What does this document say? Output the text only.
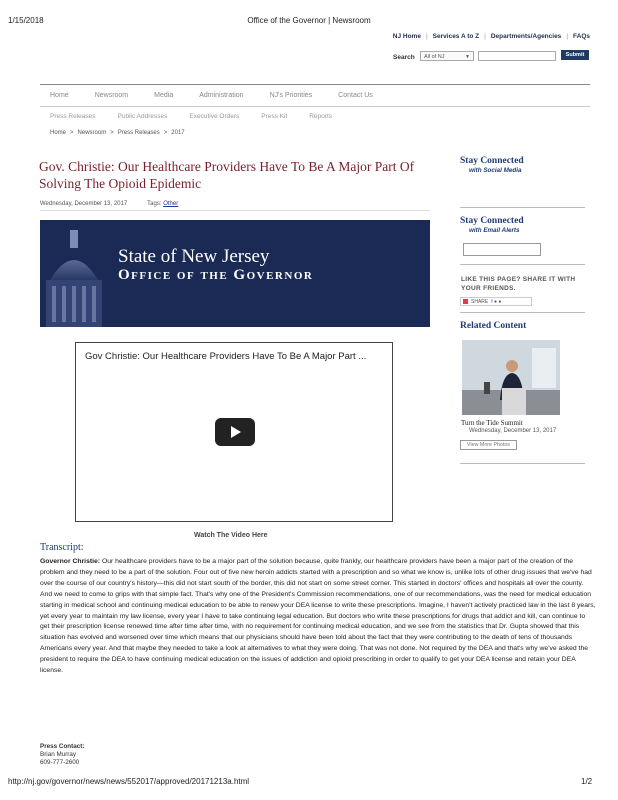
1/15/2018	Office of the Governor | Newsroom
NJ Home | Services A to Z | Departments/Agencies | FAQs
Search	All of NJ	▼	Submit
Home	Newsroom	Media	Administration	NJ's Priorities	Contact Us
Press Releases	Public Addresses	Executive Orders	Press Kit	Reports
Home > Newsroom > Press Releases > 2017
Gov. Christie: Our Healthcare Providers Have To Be A Major Part Of Solving The Opioid Epidemic
Wednesday, December 13, 2017	Tags: Other
State of New Jersey
Office of the Governor
Gov Christie: Our Healthcare Providers Have To Be A Major Part ...
Watch The Video Here
Transcript:
Governor Christie: Our healthcare providers have to be a major part of the solution because, quite frankly, our healthcare providers have been a major part of the creation of the problem and they need to be a part of the solution. Four out of five new heroin addicts started with a prescription and so what we know is, unlike lots of other drug issues that we've had over the course of our country's history—this did not start south of the border, this did not start on some street corner. This started in doctors' offices and hospitals all over the county. And we need to come to grips with that simple fact. That's why one of the President's Commission recommendations, one of our recommendations, was the need for medical education starting in medical school and continuing medical education to be able to renew your DEA license to write these prescriptions. Imagine, I haven't actively practiced law in the last 8 years, yet every year to maintain my law license, every year I have to take continuing legal education. But doctors who write these prescriptions for drugs that addict and kill, can continue to get their prescription license renewed time after time after time, with no requirement for continuing medical education, and we see from the statistics that Dr. Gupta showed that this situation has evolved and worsened over time which means that our physicians should have been told about the fact that they were contributing to the death of tens of thousands Americans every year. And that maybe they needed to take a look at alternatives to what they were doing. That was not done. Not required by the DEA and that's why we've asked the president to require the DEA to have continuing medical education on the issues of addiction and opioid prescribing in order to qualify to get your DEA license and retain your DEA license.
Press Contact:
Brian Murray
609-777-2600
Stay Connected
with Social Media
Stay Connected
with Email Alerts
LIKE THIS PAGE? SHARE IT WITH YOUR FRIENDS.
SHARE f ● ●
Related Content
Turn the Tide Summit
Wednesday, December 13, 2017
View More Photos
http://nj.gov/governor/news/news/552017/approved/20171213a.html	1/2
